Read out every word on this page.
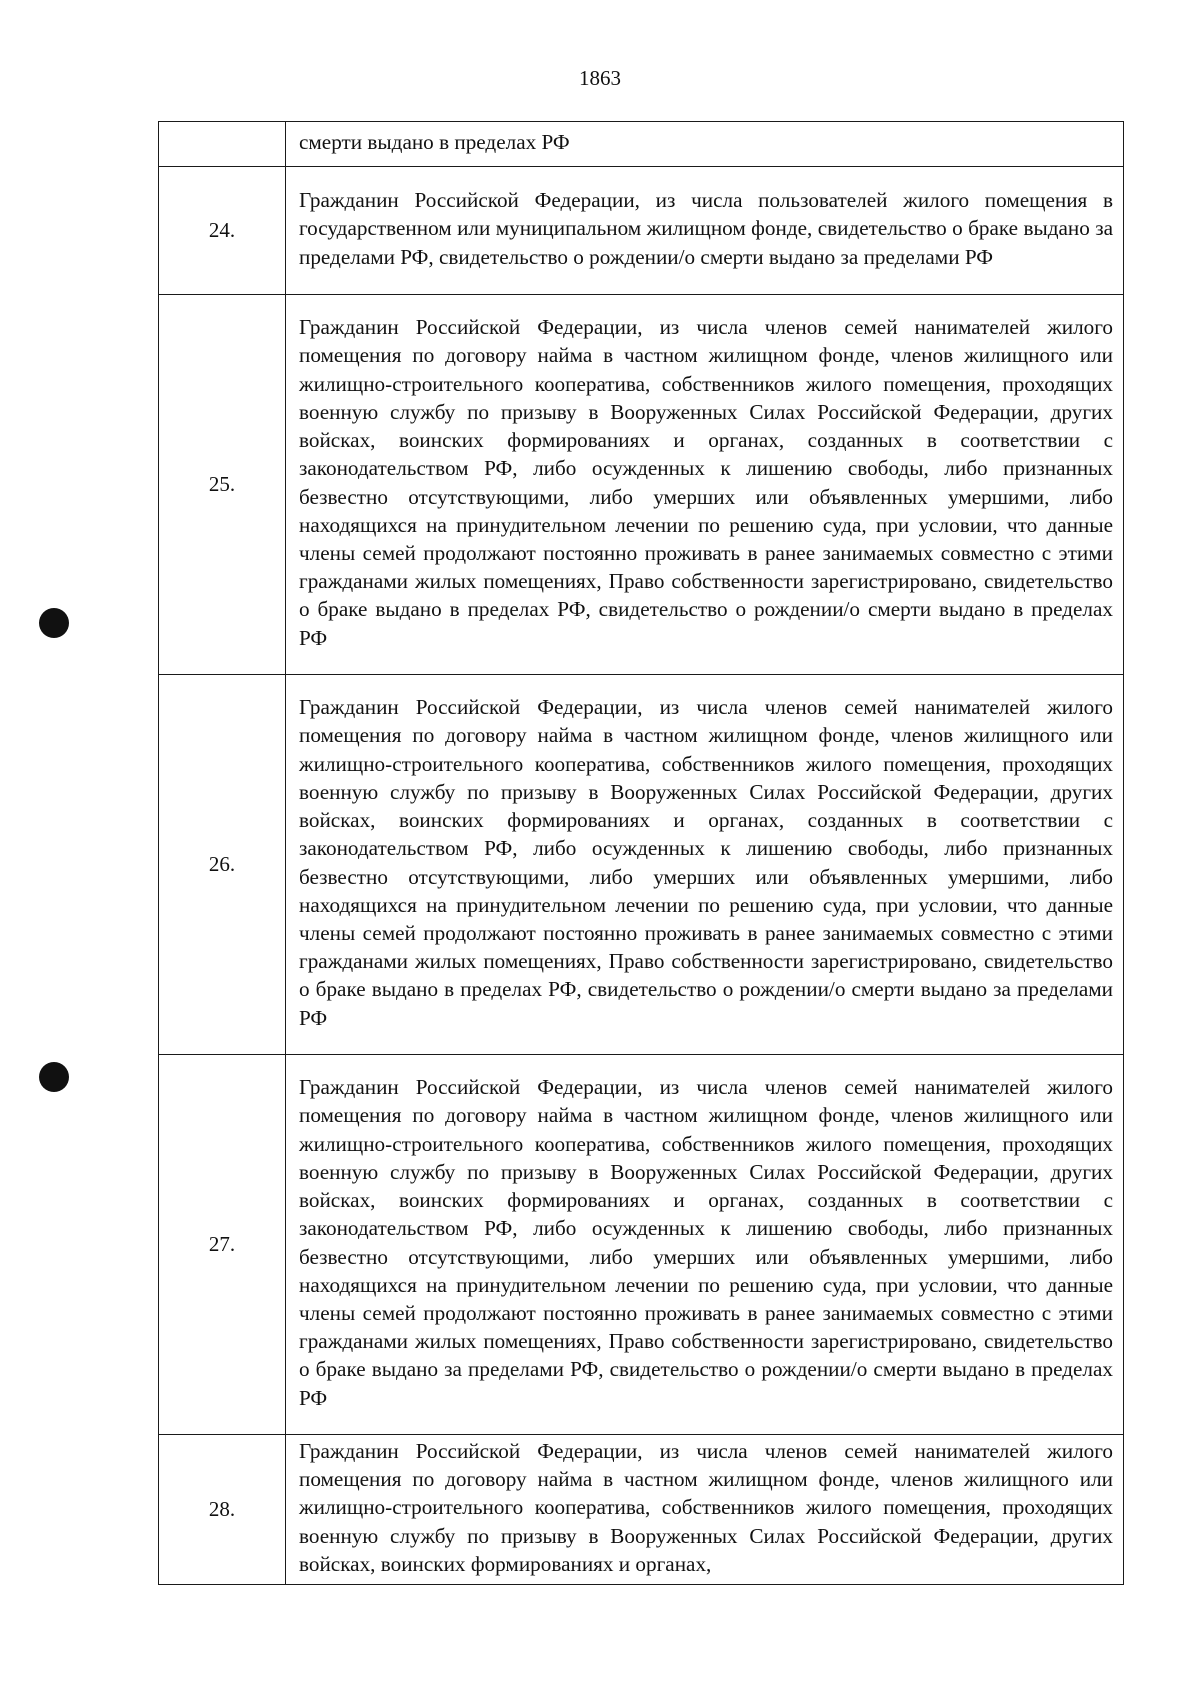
1863
	смерти выдано в пределах РФ
24.	Гражданин Российской Федерации, из числа пользователей жилого помещения в государственном или муниципальном жилищном фонде, свидетельство о браке выдано за пределами РФ, свидетельство о рождении/о смерти выдано за пределами РФ
25.	Гражданин Российской Федерации, из числа членов семей нанимателей жилого помещения по договору найма в частном жилищном фонде, членов жилищного или жилищно-строительного кооператива, собственников жилого помещения, проходящих военную службу по призыву в Вооруженных Силах Российской Федерации, других войсках, воинских формированиях и органах, созданных в соответствии с законодательством РФ, либо осужденных к лишению свободы, либо признанных безвестно отсутствующими, либо умерших или объявленных умершими, либо находящихся на принудительном лечении по решению суда, при условии, что данные члены семей продолжают постоянно проживать в ранее занимаемых совместно с этими гражданами жилых помещениях, Право собственности зарегистрировано, свидетельство о браке выдано в пределах РФ, свидетельство о рождении/о смерти выдано в пределах РФ
26.	Гражданин Российской Федерации, из числа членов семей нанимателей жилого помещения по договору найма в частном жилищном фонде, членов жилищного или жилищно-строительного кооператива, собственников жилого помещения, проходящих военную службу по призыву в Вооруженных Силах Российской Федерации, других войсках, воинских формированиях и органах, созданных в соответствии с законодательством РФ, либо осужденных к лишению свободы, либо признанных безвестно отсутствующими, либо умерших или объявленных умершими, либо находящихся на принудительном лечении по решению суда, при условии, что данные члены семей продолжают постоянно проживать в ранее занимаемых совместно с этими гражданами жилых помещениях, Право собственности зарегистрировано, свидетельство о браке выдано в пределах РФ, свидетельство о рождении/о смерти выдано за пределами РФ
27.	Гражданин Российской Федерации, из числа членов семей нанимателей жилого помещения по договору найма в частном жилищном фонде, членов жилищного или жилищно-строительного кооператива, собственников жилого помещения, проходящих военную службу по призыву в Вооруженных Силах Российской Федерации, других войсках, воинских формированиях и органах, созданных в соответствии с законодательством РФ, либо осужденных к лишению свободы, либо признанных безвестно отсутствующими, либо умерших или объявленных умершими, либо находящихся на принудительном лечении по решению суда, при условии, что данные члены семей продолжают постоянно проживать в ранее занимаемых совместно с этими гражданами жилых помещениях, Право собственности зарегистрировано, свидетельство о браке выдано за пределами РФ, свидетельство о рождении/о смерти выдано в пределах РФ
28.	Гражданин Российской Федерации, из числа членов семей нанимателей жилого помещения по договору найма в частном жилищном фонде, членов жилищного или жилищно-строительного кооператива, собственников жилого помещения, проходящих военную службу по призыву в Вооруженных Силах Российской Федерации, других войсках, воинских формированиях и органах,
